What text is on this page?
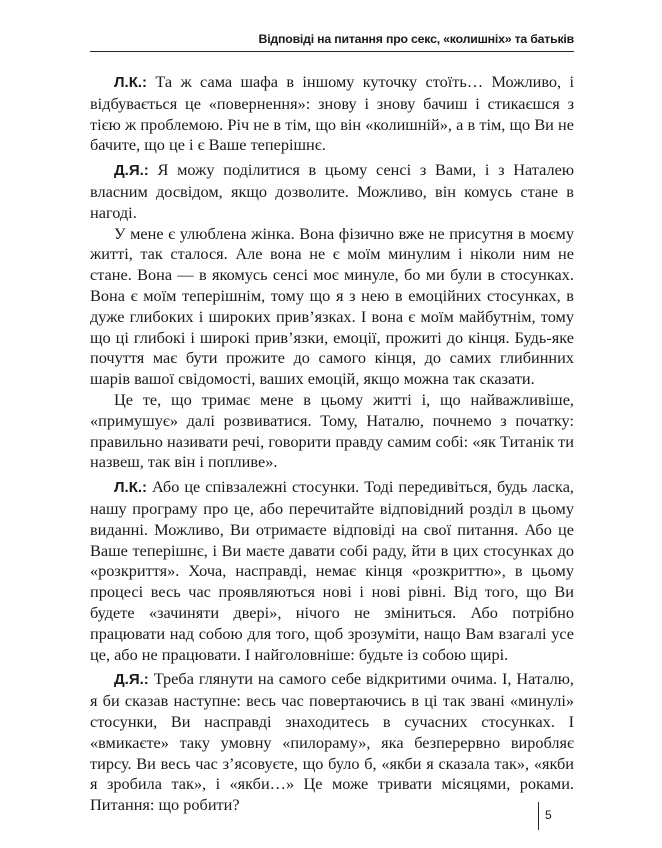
Відповіді на питання про секс, «колишніх» та батьків

Л.К.: Та ж сама шафа в іншому куточку стоїть… Можливо, і відбувається це «повернення»: знову і знову бачиш і стикаєшся з тією ж проблемою. Річ не в тім, що він «колишній», а в тім, що Ви не бачите, що це і є Ваше теперішнє.

Д.Я.: Я можу поділитися в цьому сенсі з Вами, і з Наталею власним досвідом, якщо дозволите. Можливо, він комусь стане в нагоді.

У мене є улюблена жінка. Вона фізично вже не присутня в моєму житті, так сталося. Але вона не є моїм минулим і ніколи ним не стане. Вона — в якомусь сенсі моє минуле, бо ми були в стосунках. Вона є моїм теперішнім, тому що я з нею в емоційних стосунках, в дуже глибоких і широких прив’язках. І вона є моїм майбутнім, тому що ці глибокі і широкі прив’язки, емоції, прожиті до кінця. Будь-яке почуття має бути прожите до самого кінця, до самих глибинних шарів вашої свідомості, ваших емоцій, якщо можна так сказати.

Це те, що тримає мене в цьому житті і, що найважливіше, «примушує» далі розвиватися. Тому, Наталю, почнемо з початку: правильно називати речі, говорити правду самим собі: «як Титанік ти назвеш, так він і попливе».

Л.К.: Або це співзалежні стосунки. Тоді передивіться, будь ласка, нашу програму про це, або перечитайте відповідний розділ в цьому виданні. Можливо, Ви отримаєте відповіді на свої питання. Або це Ваше теперішнє, і Ви маєте давати собі раду, йти в цих стосунках до «розкриття». Хоча, насправді, немає кінця «розкриттю», в цьому процесі весь час проявляються нові і нові рівні. Від того, що Ви будете «зачиняти двері», нічого не зміниться. Або потрібно працювати над собою для того, щоб зрозуміти, нащо Вам взагалі усе це, або не працювати. І найголовніше: будьте із собою щирі.

Д.Я.: Треба глянути на самого себе відкритими очима. І, Наталю, я би сказав наступне: весь час повертаючись в ці так звані «минулі» стосунки, Ви насправді знаходитесь в сучасних стосунках. І «вмикаєте» таку умовну «пилораму», яка безперервно виробляє тирсу. Ви весь час з’ясовуєте, що було б, «якби я сказала так», «якби я зробила так», і «якби…» Це може тривати місяцями, роками. Питання: що робити?

5
